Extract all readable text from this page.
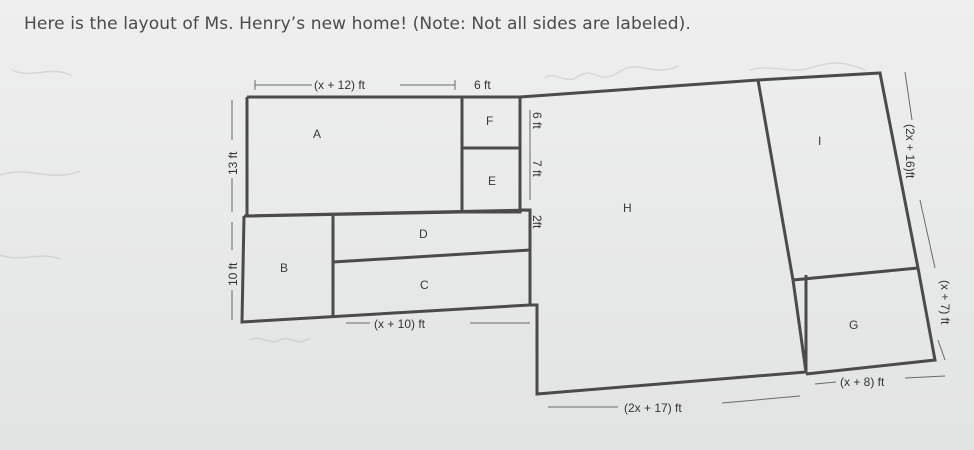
Here is the layout of Ms. Henry’s new home! (Note: Not all sides are labeled).
A
B
C
D
E
F
G
H
I
(x + 12) ft	6 ft
13 ft
10 ft
(x + 10) ft
6 ft
7 ft
2ft
(2x + 17) ft
(x + 8) ft
(2x + 16)ft
(x + 7) ft
